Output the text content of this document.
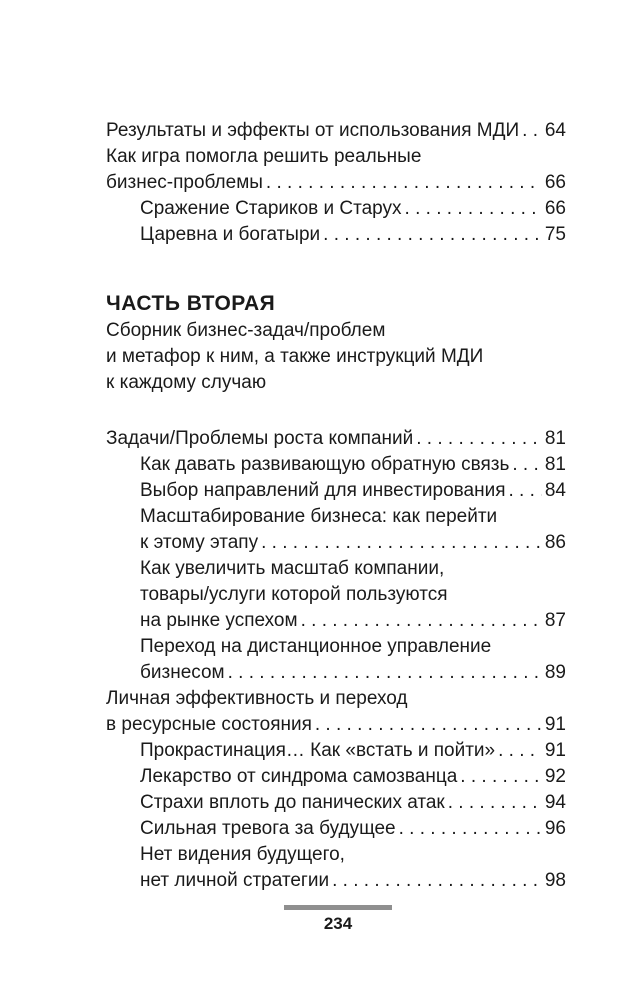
Результаты и эффекты от использования МДИ . . . 64
Как игра помогла решить реальные
бизнес-проблемы . . .	66
Сражение Стариков и Старух . . .	66
Царевна и богатыри . . .	75
ЧАСТЬ ВТОРАЯ
Сборник бизнес-задач/проблем
и метафор к ним, а также инструкций МДИ
к каждому случаю
Задачи/Проблемы роста компаний . . .	81
Как давать развивающую обратную связь . . . 81
Выбор направлений для инвестирования . . . 84
Масштабирование бизнеса: как перейти
к этому этапу . . .	86
Как увеличить масштаб компании,
товары/услуги которой пользуются
на рынке успехом . . .	87
Переход на дистанционное управление
бизнесом . . .	89
Личная эффективность и переход
в ресурсные состояния . . .	91
Прокрастинация… Как «встать и пойти» . . .	91
Лекарство от синдрома самозванца . . .	92
Страхи вплоть до панических атак . . .	94
Сильная тревога за будущее . . .	96
Нет видения будущего,
нет личной стратегии . . .	98
234
